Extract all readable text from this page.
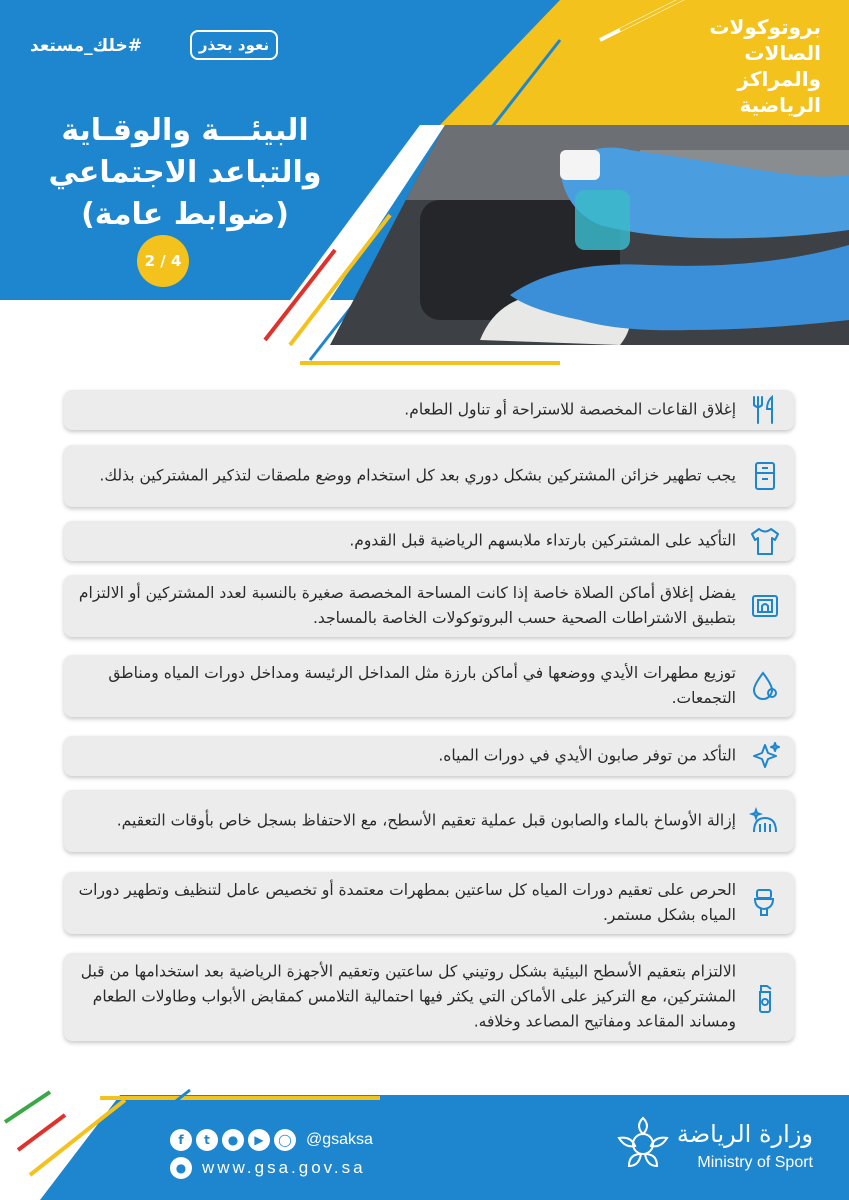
#خلك_مستعد	نعود بحذر
بروتوكولات
الصالات
والمراكز
الرياضية
البيئـــة والوقـاية
والتباعد الاجتماعي
(ضوابط عامة)
2 / 4
إغلاق القاعات المخصصة للاستراحة أو تناول الطعام.
يجب تطهير خزائن المشتركين بشكل دوري بعد كل استخدام ووضع ملصقات لتذكير المشتركين بذلك.
التأكيد على المشتركين بارتداء ملابسهم الرياضية قبل القدوم.
يفضل إغلاق أماكن الصلاة خاصة إذا كانت المساحة المخصصة صغيرة بالنسبة لعدد المشتركين أو الالتزام بتطبيق الاشتراطات الصحية حسب البروتوكولات الخاصة بالمساجد.
توزيع مطهرات الأيدي ووضعها في أماكن بارزة مثل المداخل الرئيسة ومداخل دورات المياه ومناطق التجمعات.
التأكد من توفر صابون الأيدي في دورات المياه.
إزالة الأوساخ بالماء والصابون قبل عملية تعقيم الأسطح، مع الاحتفاظ بسجل خاص بأوقات التعقيم.
الحرص على تعقيم دورات المياه كل ساعتين بمطهرات معتمدة أو تخصيص عامل لتنظيف وتطهير دورات المياه بشكل مستمر.
الالتزام بتعقيم الأسطح البيئية بشكل روتيني كل ساعتين وتعقيم الأجهزة الرياضية بعد استخدامها من قبل المشتركين، مع التركيز على الأماكن التي يكثر فيها احتمالية التلامس كمقابض الأبواب وطاولات الطعام ومساند المقاعد ومفاتيح المصاعد وخلافه.
f	t	●	▶	◯ @gsaksa
● www.gsa.gov.sa
وزارة الرياضة
Ministry of Sport
